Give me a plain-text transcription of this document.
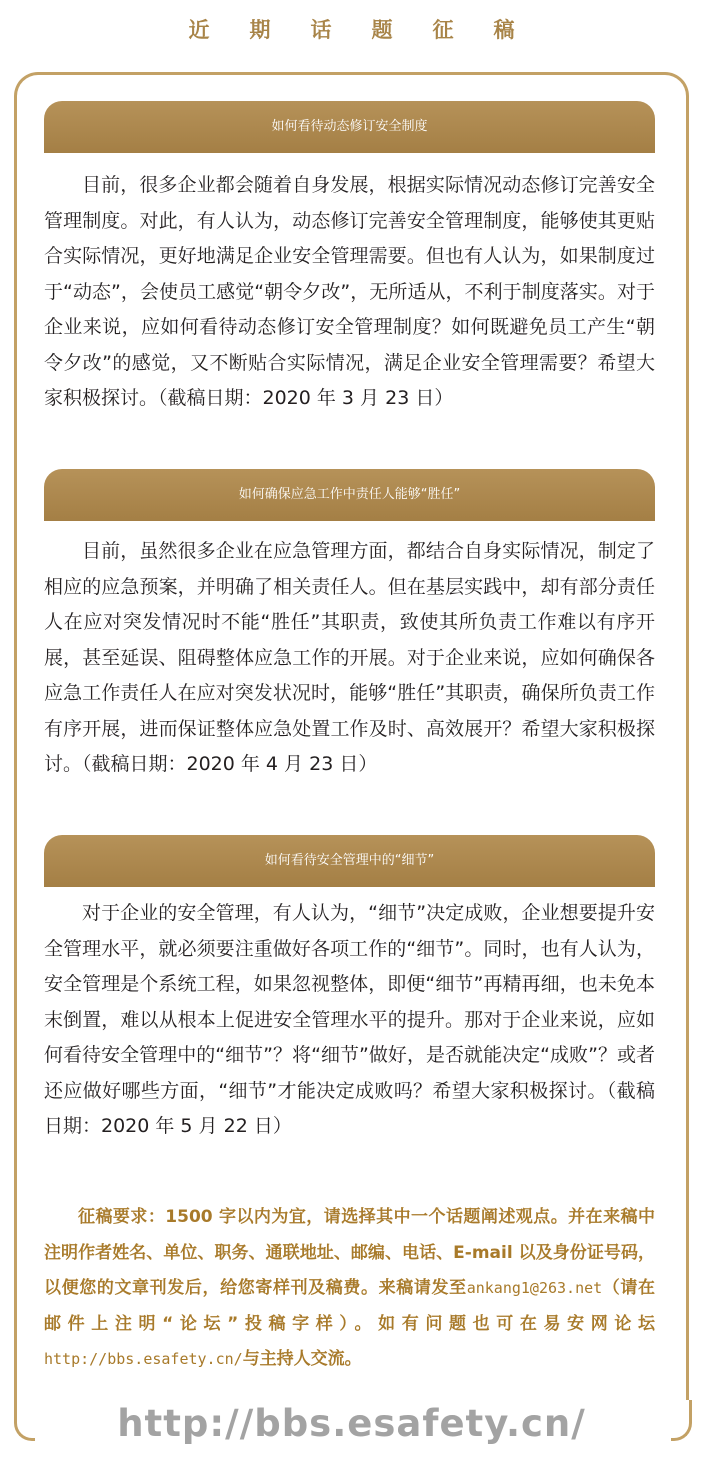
近期话题征稿
如何看待动态修订安全制度

目前，很多企业都会随着自身发展，根据实际情况动态修订完善安全管理制度。对此，有人认为，动态修订完善安全管理制度，能够使其更贴合实际情况，更好地满足企业安全管理需要。但也有人认为，如果制度过于“动态”，会使员工感觉“朝令夕改”，无所适从，不利于制度落实。对于企业来说，应如何看待动态修订安全管理制度？如何既避免员工产生“朝令夕改”的感觉，又不断贴合实际情况，满足企业安全管理需要？希望大家积极探讨。（截稿日期：2020 年 3 月 23 日）

如何确保应急工作中责任人能够“胜任”

目前，虽然很多企业在应急管理方面，都结合自身实际情况，制定了相应的应急预案，并明确了相关责任人。但在基层实践中，却有部分责任人在应对突发情况时不能“胜任”其职责，致使其所负责工作难以有序开展，甚至延误、阻碍整体应急工作的开展。对于企业来说，应如何确保各应急工作责任人在应对突发状况时，能够“胜任”其职责，确保所负责工作有序开展，进而保证整体应急处置工作及时、高效展开？希望大家积极探讨。（截稿日期：2020 年 4 月 23 日）

如何看待安全管理中的“细节”

对于企业的安全管理，有人认为，“细节”决定成败，企业想要提升安全管理水平，就必须要注重做好各项工作的“细节”。同时，也有人认为，安全管理是个系统工程，如果忽视整体，即便“细节”再精再细，也未免本末倒置，难以从根本上促进安全管理水平的提升。那对于企业来说，应如何看待安全管理中的“细节”？将“细节”做好，是否就能决定“成败”？或者还应做好哪些方面，“细节”才能决定成败吗？希望大家积极探讨。（截稿日期：2020 年 5 月 22 日）

征稿要求：1500 字以内为宜，请选择其中一个话题阐述观点。并在来稿中注明作者姓名、单位、职务、通联地址、邮编、电话、E-mail 以及身份证号码，以便您的文章刊发后，给您寄样刊及稿费。来稿请发至ankang1@263.net（请在邮件上注明“论坛”投稿字样）。如有问题也可在易安网论坛http://bbs.esafety.cn/与主持人交流。

http://bbs.esafety.cn/
